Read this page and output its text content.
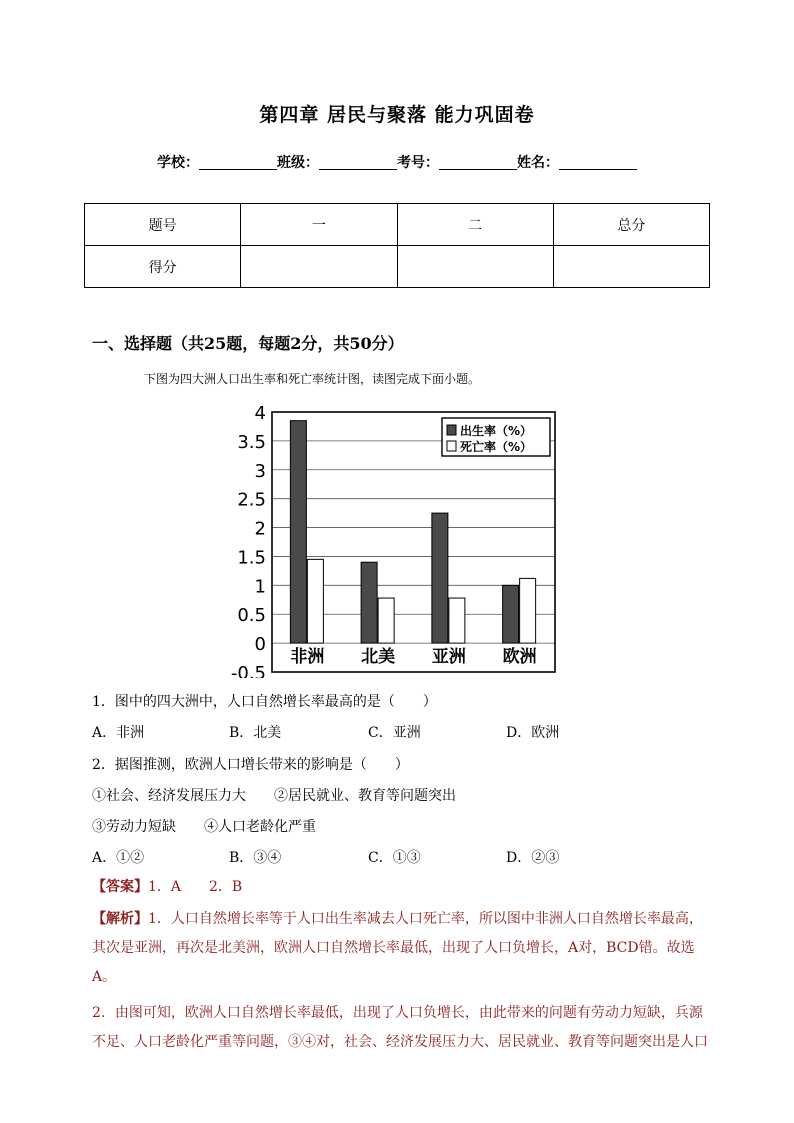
第四章 居民与聚落 能力巩固卷
学校：	班级：	考号：	姓名：
题号	一	二	总分
得分			
一、选择题（共25题，每题2分，共50分）
下图为四大洲人口出生率和死亡率统计图，读图完成下面小题。
4
3.5
3
2.5
2
1.5
1
0.5
0
-0.5
非洲 北美 亚洲 欧洲
出生率（%）
死亡率（%）
1．图中的四大洲中，人口自然增长率最高的是（　　）
A．非洲	B．北美	C．亚洲	D．欧洲
2．据图推测，欧洲人口增长带来的影响是（　　）
①社会、经济发展压力大　　②居民就业、教育等问题突出
③劳动力短缺　　④人口老龄化严重
A．①②	B．③④	C．①③	D．②③
【答案】1．A　　2．B
【解析】1．人口自然增长率等于人口出生率减去人口死亡率，所以图中非洲人口自然增长率最高，其次是亚洲，再次是北美洲，欧洲人口自然增长率最低，出现了人口负增长，A对，BCD错。故选A。
2．由图可知，欧洲人口自然增长率最低，出现了人口负增长，由此带来的问题有劳动力短缺，兵源不足、人口老龄化严重等问题，③④对，社会、经济发展压力大、居民就业、教育等问题突出是人口
